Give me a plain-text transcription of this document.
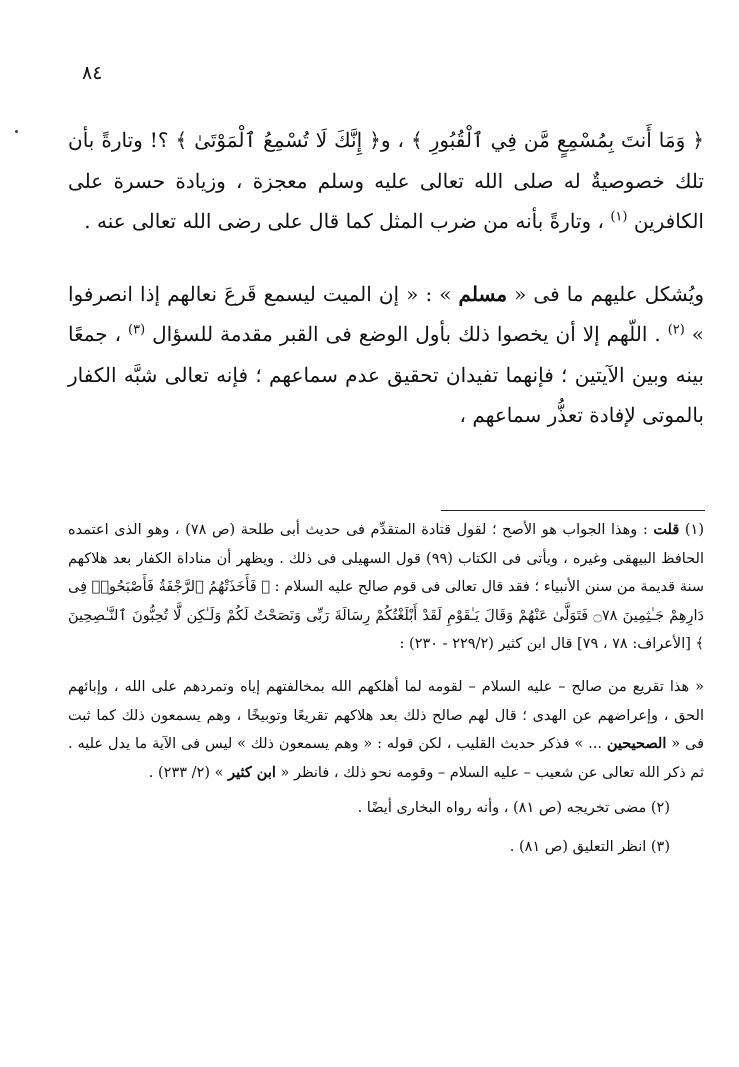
٨٤

﴿ وَمَا أَنتَ بِمُسْمِعٍ مَّن فِي ٱلْقُبُورِ ﴾ ، و﴿ إِنَّكَ لَا تُسْمِعُ ٱلْمَوْتَىٰ ﴾ ؟! وتارةً بأن تلك خصوصيةٌ له صلى الله تعالى عليه وسلم معجزة ، وزيادة حسرة على الكافرين $^{(١)}$ ، وتارةً بأنه من ضرب المثل كما قال على رضى الله تعالى عنه .

ويُشكل عليهم ما فى « مسلم » : « إن الميت ليسمع قَرعَ نعالهم إذا انصرفوا » $^{(٢)}$ . اللّهم إلا أن يخصوا ذلك بأول الوضع فى القبر مقدمة للسؤال $^{(٣)}$ ، جمعًا بينه وبين الآيتين ؛ فإنهما تفيدان تحقيق عدم سماعهم ؛ فإنه تعالى شبَّه الكفار بالموتى لإفادة تعذُّر سماعهم ،

(١) قلت : وهذا الجواب هو الأصح ؛ لقول قتادة المتقدِّم فى حديث أبى طلحة (ص ٧٨) ، وهو الذى اعتمده الحافظ البيهقى وغيره ، ويأتى فى الكتاب (٩٩) قول السهيلى فى ذلك . ويظهر أن مناداة الكفار بعد هلاكهم سنة قديمة من سنن الأنبياء ؛ فقد قال تعالى فى قوم صالح عليه السلام : ﴿ فَأَخَذَتْهُمُ ٱلرَّجْفَةُ فَأَصْبَحُوا۟ فِى دَارِهِمْ جَـٰثِمِينَ ۝٧٨ فَتَوَلَّىٰ عَنْهُمْ وَقَالَ يَـٰقَوْمِ لَقَدْ أَبْلَغْتُكُمْ رِسَالَةَ رَبِّى وَنَصَحْتُ لَكُمْ وَلَـٰكِن لَّا تُحِبُّونَ ٱلنَّـٰصِحِينَ ﴾ [الأعراف: ٧٨ ، ٧٩] قال ابن كثير (٢٢٩/٢ - ٢٣٠) :

« هذا تقريع من صالح – عليه السلام – لقومه لما أهلكهم الله بمخالفتهم إياه وتمردهم على الله ، وإبائهم الحق ، وإعراضهم عن الهدى ؛ قال لهم صالح ذلك بعد هلاكهم تقريعًا وتوبيخًا ، وهم يسمعون ذلك كما ثبت فى « الصحيحين ... » فذكر حديث القليب ، لكن قوله : « وهم يسمعون ذلك » ليس فى الآية ما يدل عليه . ثم ذكر الله تعالى عن شعيب – عليه السلام – وقومه نحو ذلك ، فانظر « ابن كثير » (٢/ ٢٣٣) .

(٢) مضى تخريجه (ص ٨١) ، وأنه رواه البخارى أيضًا .

(٣) انظر التعليق (ص ٨١) .
